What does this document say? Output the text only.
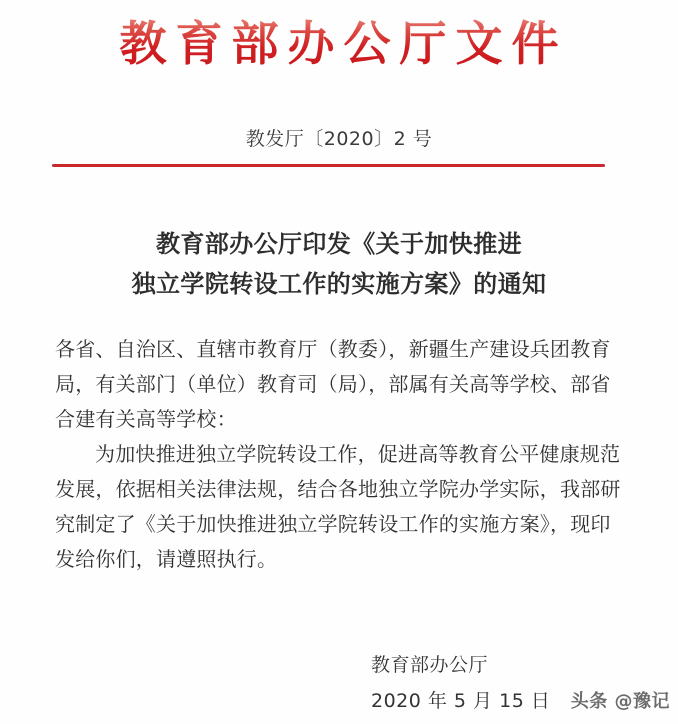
教育部办公厅文件
教发厅〔2020〕2 号
教育部办公厅印发《关于加快推进
独立学院转设工作的实施方案》的通知
各省、自治区、直辖市教育厅（教委），新疆生产建设兵团教育
局，有关部门（单位）教育司（局），部属有关高等学校、部省
合建有关高等学校：
为加快推进独立学院转设工作，促进高等教育公平健康规范
发展，依据相关法律法规，结合各地独立学院办学实际，我部研
究制定了《关于加快推进独立学院转设工作的实施方案》，现印
发给你们，请遵照执行。
教育部办公厅
2020 年 5 月 15 日 头条 @豫记
